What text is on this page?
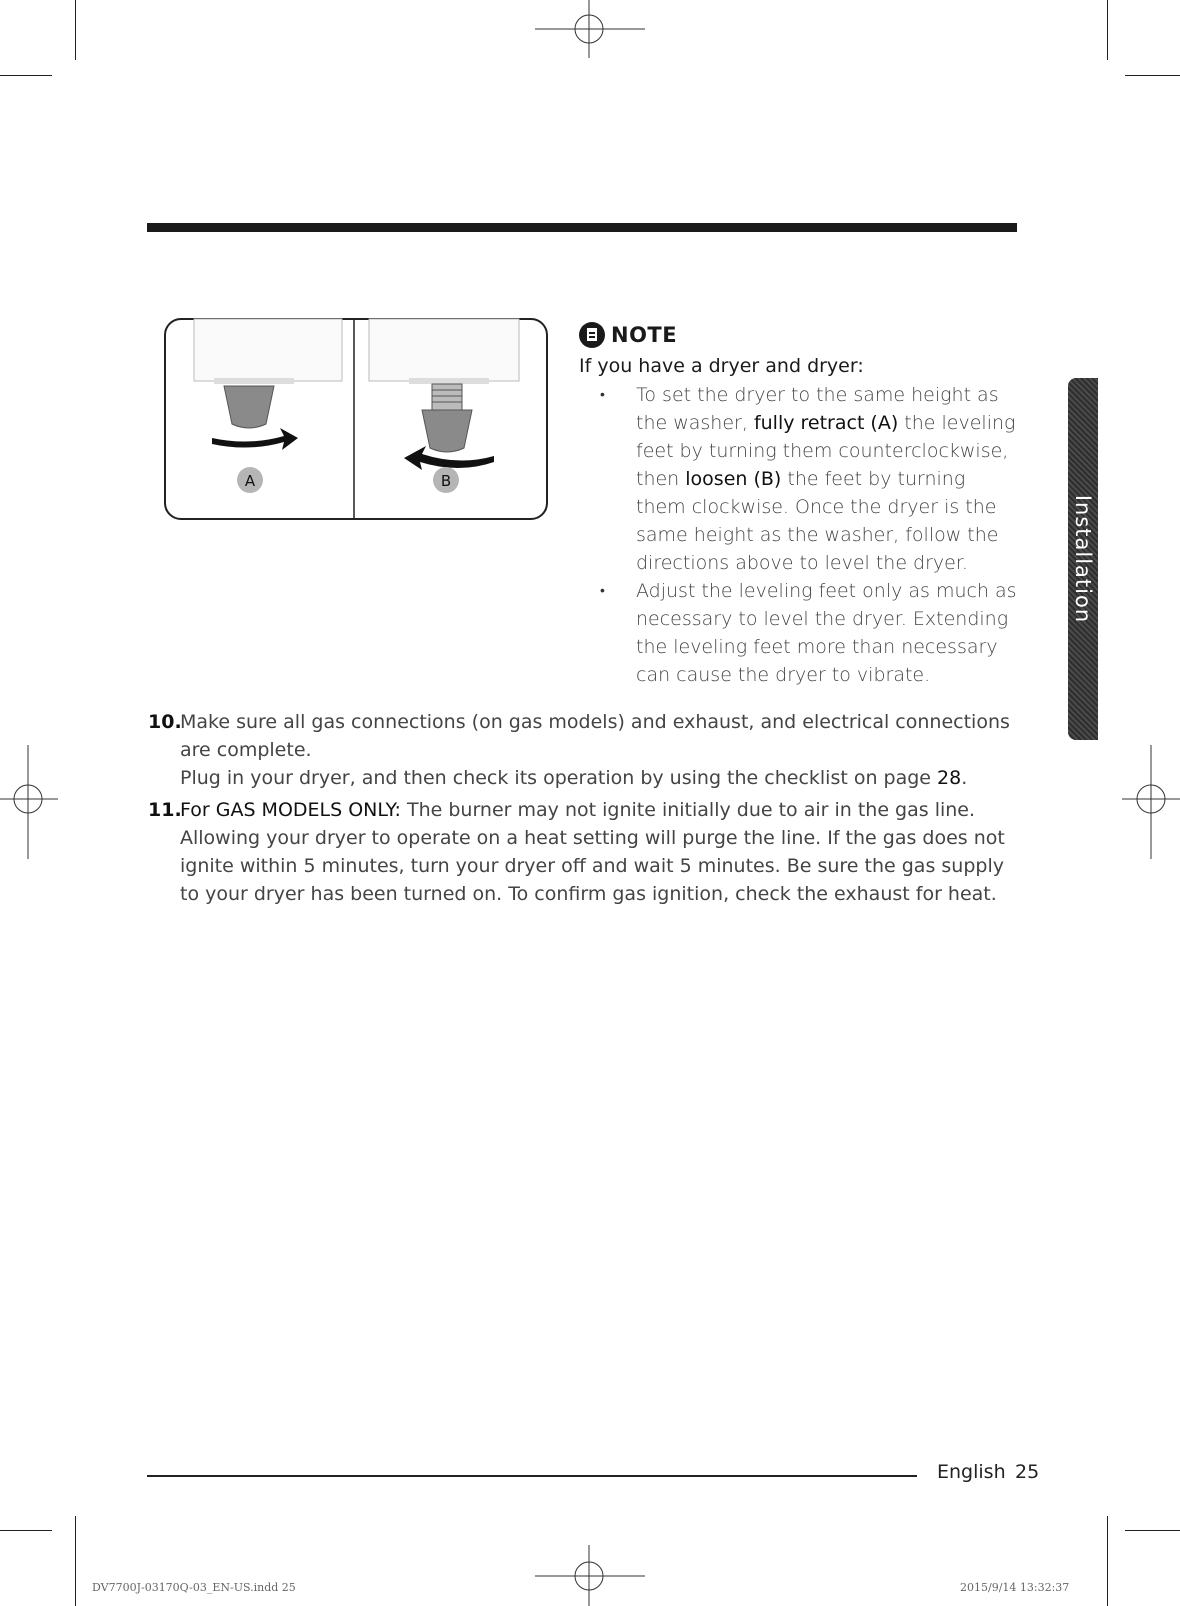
A	B
NOTE
If you have a dryer and dryer:
• To set the dryer to the same height as the washer, fully retract (A) the leveling feet by turning them counterclockwise, then loosen (B) the feet by turning them clockwise. Once the dryer is the same height as the washer, follow the directions above to level the dryer.
• Adjust the leveling feet only as much as necessary to level the dryer. Extending the leveling feet more than necessary can cause the dryer to vibrate.
10.

Make sure all gas connections (on gas models) and exhaust, and electrical connections are complete.

Plug in your dryer, and then check its operation by using the checklist on page 28.

11.

For GAS MODELS ONLY: The burner may not ignite initially due to air in the gas line. Allowing your dryer to operate on a heat setting will purge the line. If the gas does not ignite within 5 minutes, turn your dryer off and wait 5 minutes. Be sure the gas supply to your dryer has been turned on. To confirm gas ignition, check the exhaust for heat.

Installation
English 25
DV7700J-03170Q-03_EN-US.indd 25	2015/9/14 13:32:37
